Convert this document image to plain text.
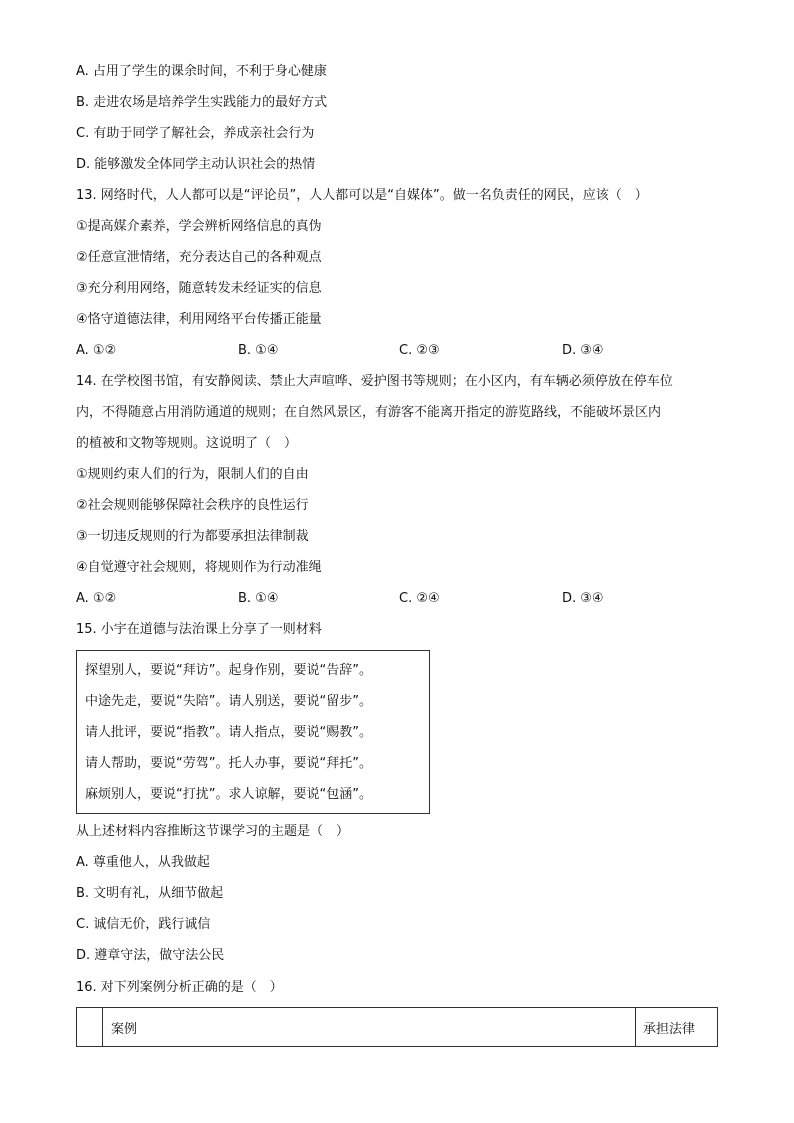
A. 占用了学生的课余时间，不利于身心健康
B. 走进农场是培养学生实践能力的最好方式
C. 有助于同学了解社会，养成亲社会行为
D. 能够激发全体同学主动认识社会的热情
13. 网络时代，人人都可以是“评论员”，人人都可以是“自媒体”。做一名负责任的网民，应该（　）
①提高媒介素养，学会辨析网络信息的真伪
②任意宣泄情绪，充分表达自己的各种观点
③充分利用网络，随意转发未经证实的信息
④恪守道德法律，利用网络平台传播正能量
A. ①②	B. ①④	C. ②③	D. ③④
14. 在学校图书馆，有安静阅读、禁止大声喧哗、爱护图书等规则；在小区内，有车辆必须停放在停车位
内，不得随意占用消防通道的规则；在自然风景区，有游客不能离开指定的游览路线，不能破坏景区内
的植被和文物等规则。这说明了（　）
①规则约束人们的行为，限制人们的自由
②社会规则能够保障社会秩序的良性运行
③一切违反规则的行为都要承担法律制裁
④自觉遵守社会规则，将规则作为行动准绳
A. ①②	B. ①④	C. ②④	D. ③④
15. 小宇在道德与法治课上分享了一则材料
探望别人，要说“拜访”。起身作别，要说“告辞”。
中途先走，要说“失陪”。请人别送，要说“留步”。
请人批评，要说“指教”。请人指点，要说“赐教”。
请人帮助，要说“劳驾”。托人办事，要说“拜托”。
麻烦别人，要说“打扰”。求人谅解，要说“包涵”。
从上述材料内容推断这节课学习的主题是（　）
A. 尊重他人，从我做起
B. 文明有礼，从细节做起
C. 诚信无价，践行诚信
D. 遵章守法，做守法公民
16. 对下列案例分析正确的是（　）
案例	承担法律
